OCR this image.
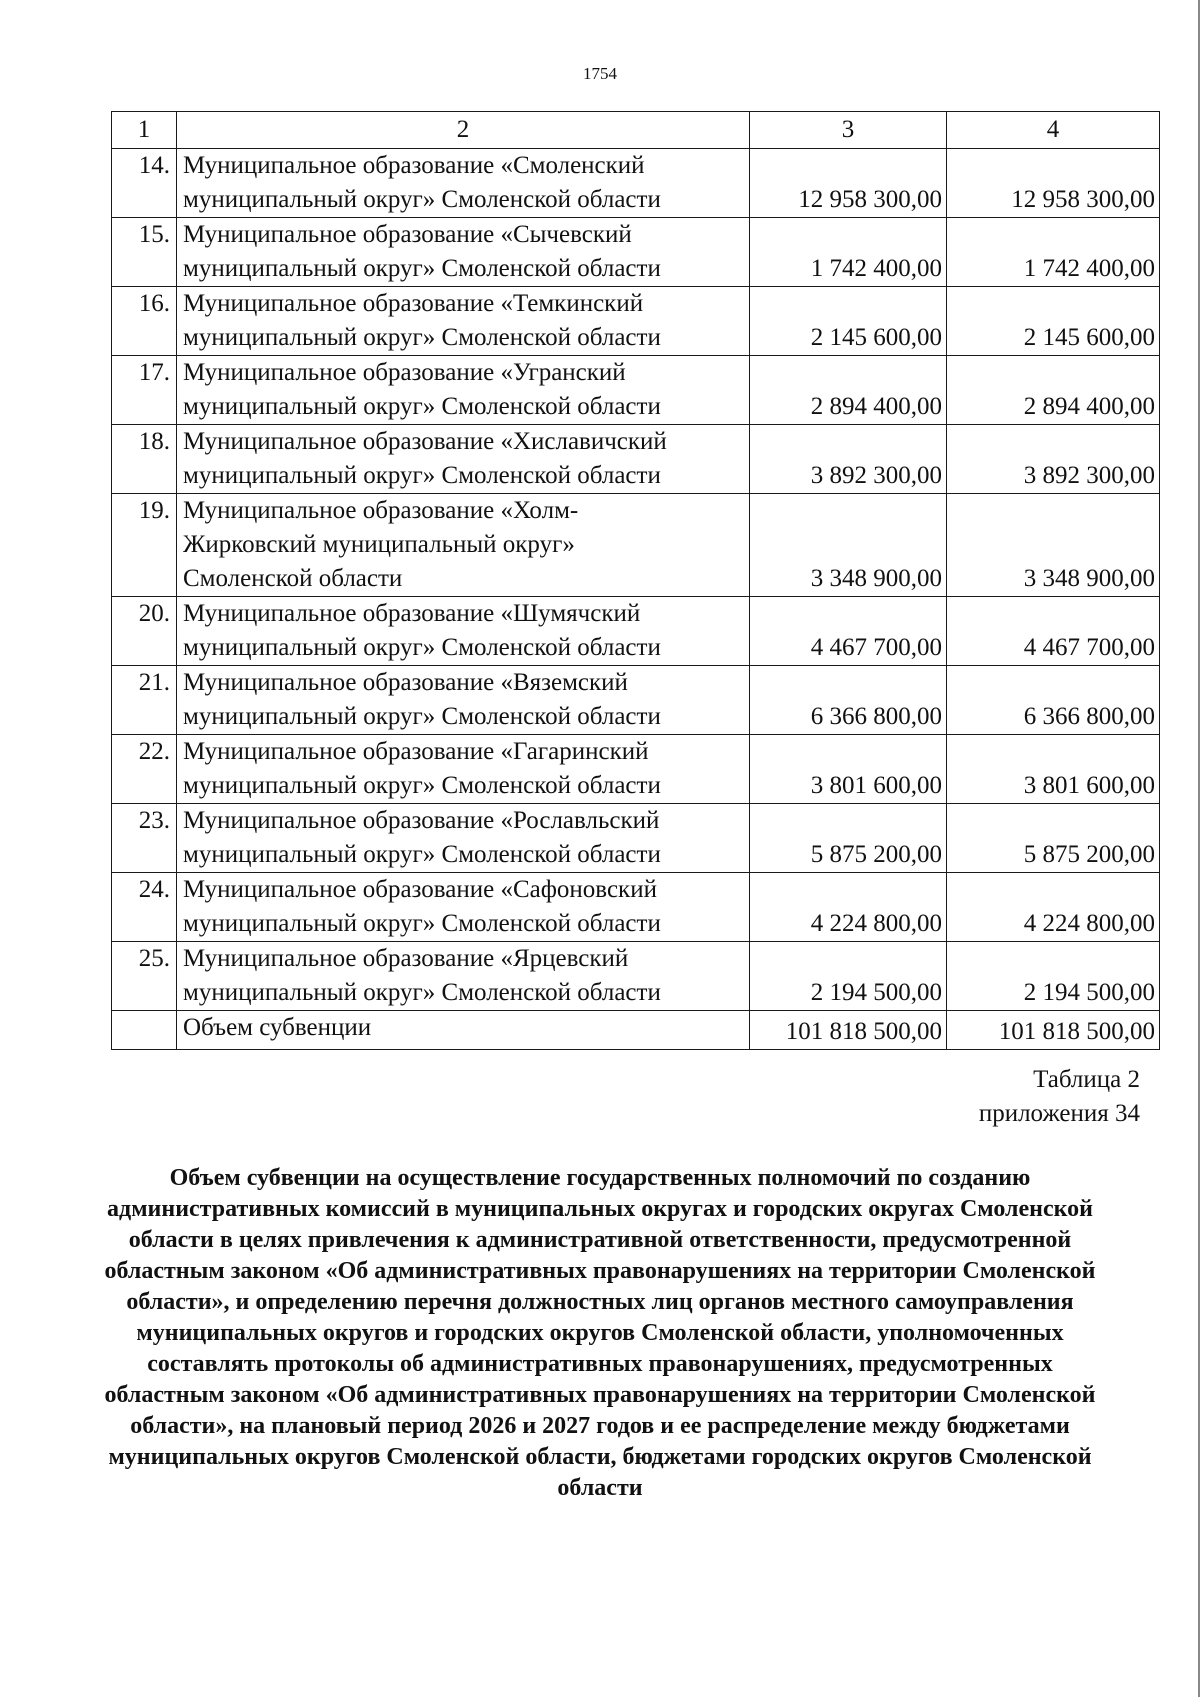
1754
1	2	3	4
14.	Муниципальное образование «Смоленский муниципальный округ» Смоленской области	12 958 300,00	12 958 300,00
15.	Муниципальное образование «Сычевский муниципальный округ» Смоленской области	1 742 400,00	1 742 400,00
16.	Муниципальное образование «Темкинский муниципальный округ» Смоленской области	2 145 600,00	2 145 600,00
17.	Муниципальное образование «Угранский муниципальный округ» Смоленской области	2 894 400,00	2 894 400,00
18.	Муниципальное образование «Хиславичский муниципальный округ» Смоленской области	3 892 300,00	3 892 300,00
19.	Муниципальное образование «Холм-Жирковский муниципальный округ» Смоленской области	3 348 900,00	3 348 900,00
20.	Муниципальное образование «Шумячский муниципальный округ» Смоленской области	4 467 700,00	4 467 700,00
21.	Муниципальное образование «Вяземский муниципальный округ» Смоленской области	6 366 800,00	6 366 800,00
22.	Муниципальное образование «Гагаринский муниципальный округ» Смоленской области	3 801 600,00	3 801 600,00
23.	Муниципальное образование «Рославльский муниципальный округ» Смоленской области	5 875 200,00	5 875 200,00
24.	Муниципальное образование «Сафоновский муниципальный округ» Смоленской области	4 224 800,00	4 224 800,00
25.	Муниципальное образование «Ярцевский муниципальный округ» Смоленской области	2 194 500,00	2 194 500,00
	Объем субвенции	101 818 500,00	101 818 500,00
Таблица 2
приложения 34
Объем субвенции на осуществление государственных полномочий по созданию административных комиссий в муниципальных округах и городских округах Смоленской области в целях привлечения к административной ответственности, предусмотренной областным законом «Об административных правонарушениях на территории Смоленской области», и определению перечня должностных лиц органов местного самоуправления муниципальных округов и городских округов Смоленской области, уполномоченных составлять протоколы об административных правонарушениях, предусмотренных областным законом «Об административных правонарушениях на территории Смоленской области», на плановый период 2026 и 2027 годов и ее распределение между бюджетами муниципальных округов Смоленской области, бюджетами городских округов Смоленской области
